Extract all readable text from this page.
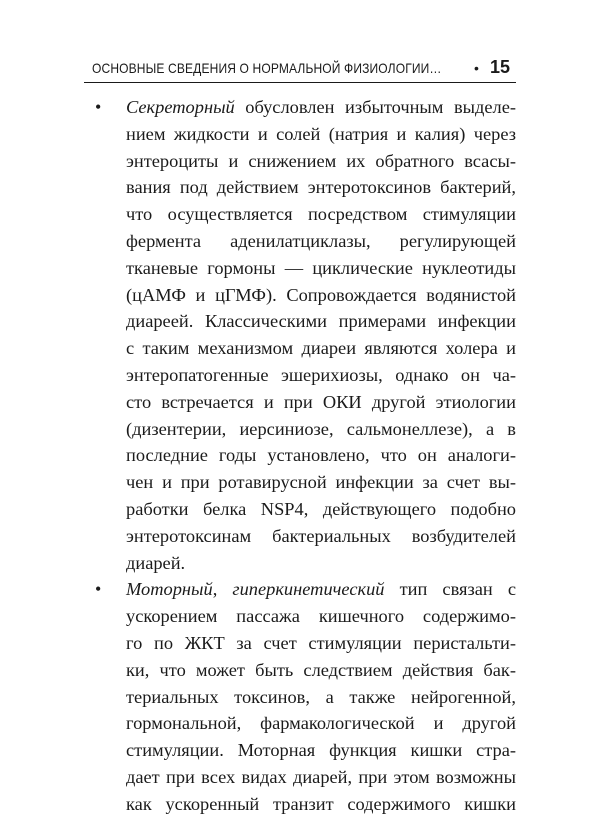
ОСНОВНЫЕ СВЕДЕНИЯ О НОРМАЛЬНОЙ ФИЗИОЛОГИИ… • 15
• Секреторный обусловлен избыточным выделе-
нием жидкости и солей (натрия и калия) через
энтероциты и снижением их обратного всасы-
вания под действием энтеротоксинов бактерий,
что осуществляется посредством стимуляции
фермента аденилатциклазы, регулирующей
тканевые гормоны — циклические нуклеотиды
(цАМФ и цГМФ). Сопровождается водянистой
диареей. Классическими примерами инфекции
с таким механизмом диареи являются холера и
энтеропатогенные эшерихиозы, однако он ча-
сто встречается и при ОКИ другой этиологии
(дизентерии, иерсиниозе, сальмонеллезе), а в
последние годы установлено, что он аналоги-
чен и при ротавирусной инфекции за счет вы-
работки белка NSP4, действующего подобно
энтеротоксинам бактериальных возбудителей
диарей.
• Моторный, гиперкинетический тип связан с
ускорением пассажа кишечного содержимо-
го по ЖКТ за счет стимуляции перистальти-
ки, что может быть следствием действия бак-
териальных токсинов, а также нейрогенной,
гормональной, фармакологической и другой
стимуляции. Моторная функция кишки стра-
дает при всех видах диарей, при этом возможны
как ускоренный транзит содержимого кишки
